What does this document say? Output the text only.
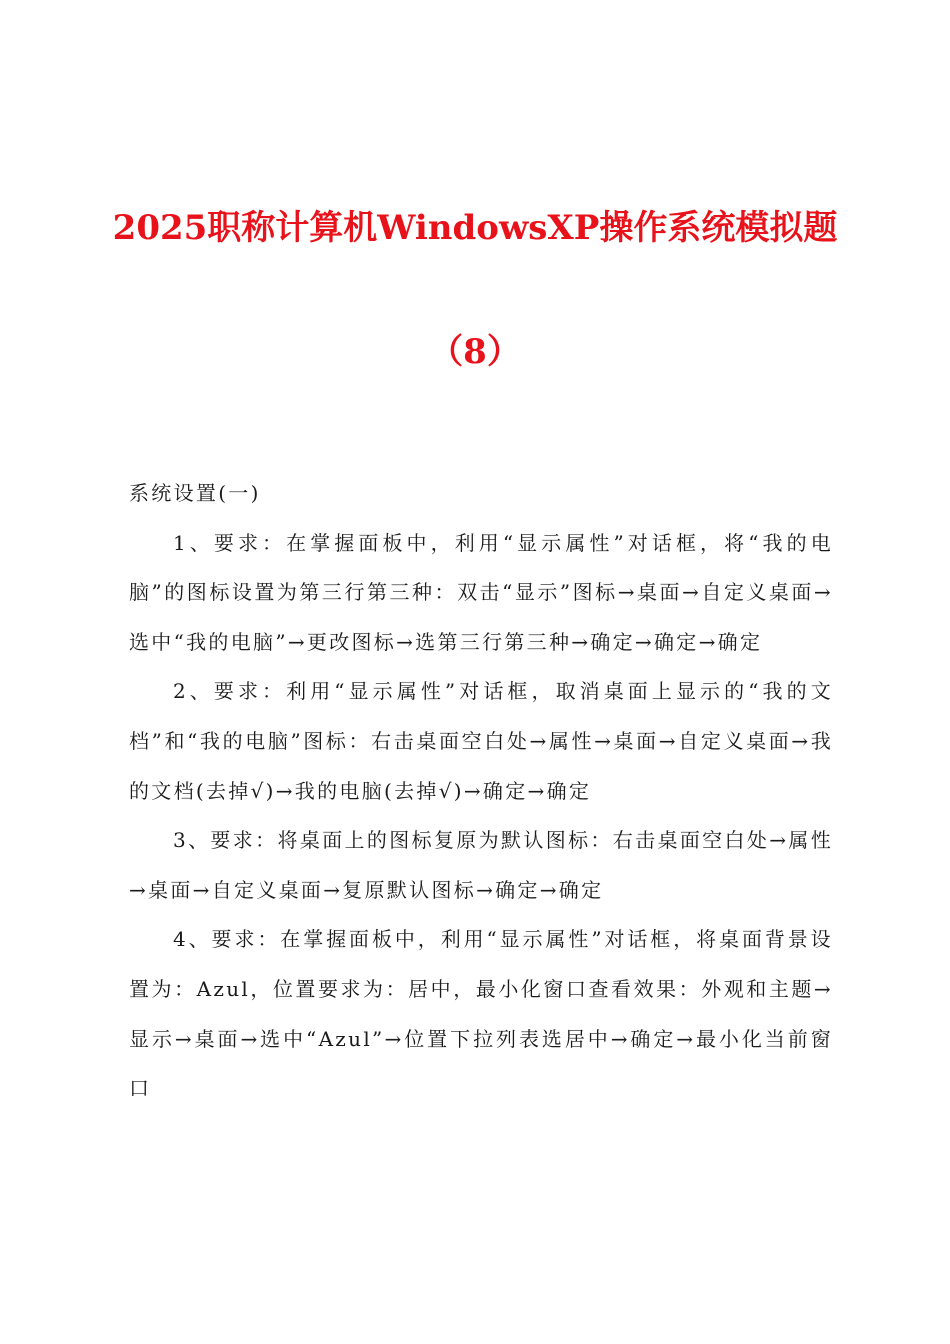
2025职称计算机WindowsXP操作系统模拟题
（8）

系统设置(一)

1、要求：在掌握面板中，利用“显示属性”对话框，将“我的电脑”的图标设置为第三行第三种：双击“显示”图标→桌面→自定义桌面→选中“我的电脑”→更改图标→选第三行第三种→确定→确定→确定

2、要求：利用“显示属性”对话框，取消桌面上显示的“我的文档”和“我的电脑”图标：右击桌面空白处→属性→桌面→自定义桌面→我的文档(去掉√)→我的电脑(去掉√)→确定→确定

3、要求：将桌面上的图标复原为默认图标：右击桌面空白处→属性→桌面→自定义桌面→复原默认图标→确定→确定

4、要求：在掌握面板中，利用“显示属性”对话框，将桌面背景设置为：Azul，位置要求为：居中，最小化窗口查看效果：外观和主题→显示→桌面→选中“Azul”→位置下拉列表选居中→确定→最小化当前窗口
